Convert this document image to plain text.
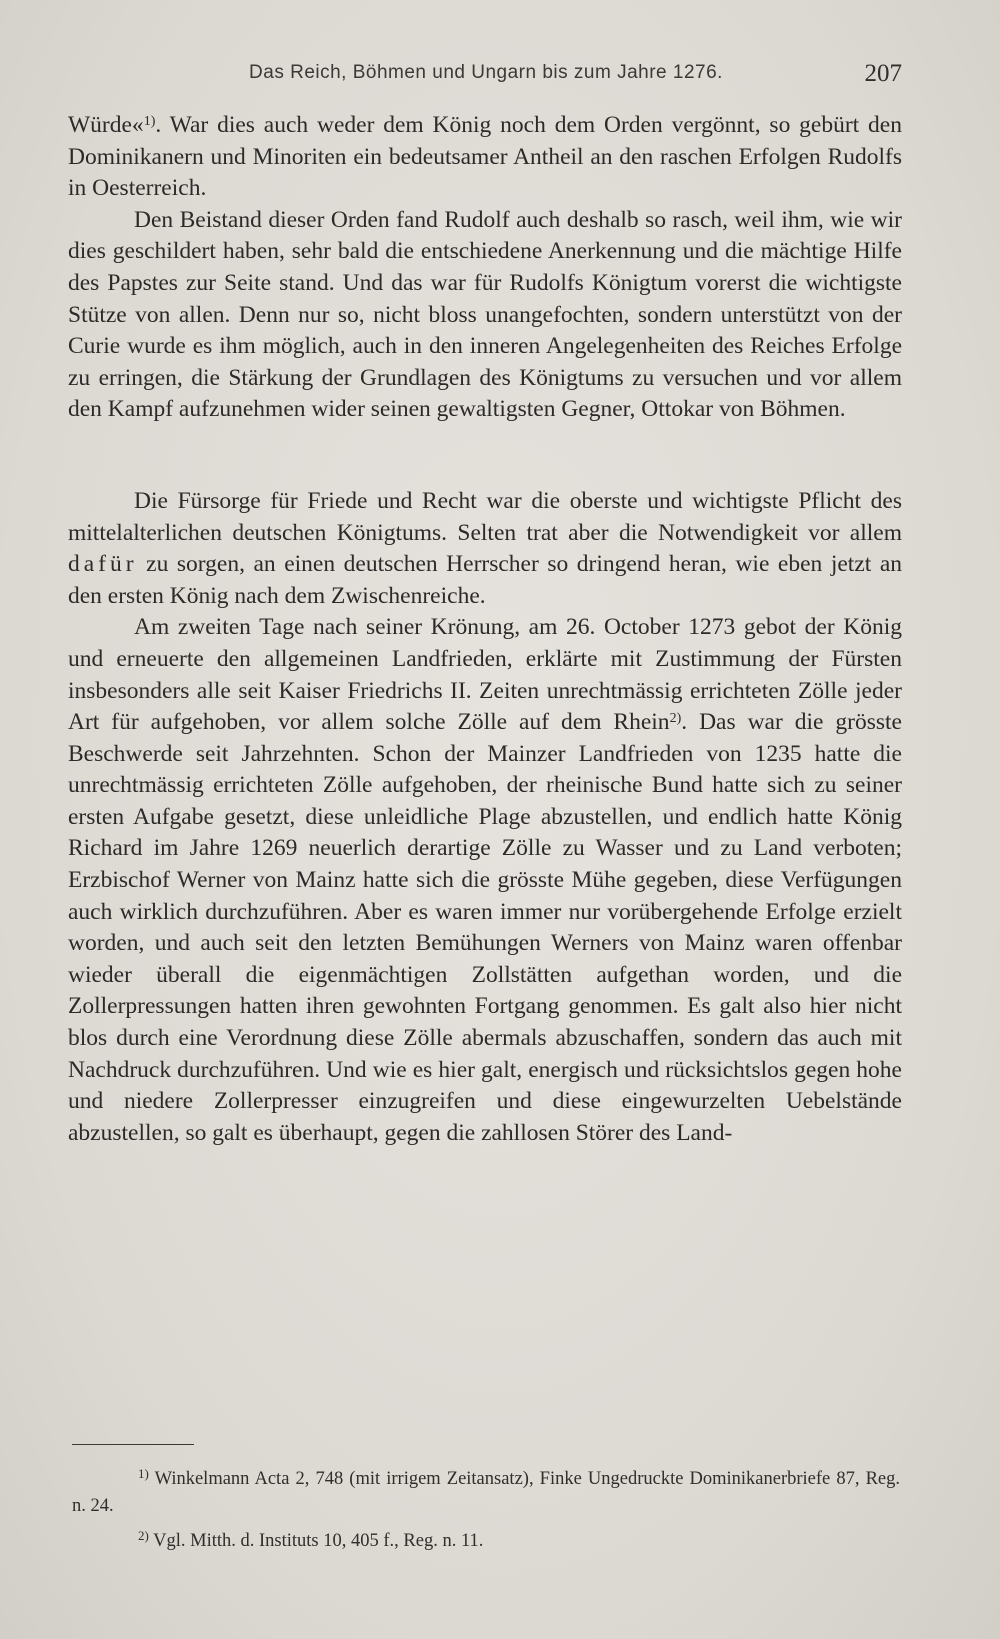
Das Reich, Böhmen und Ungarn bis zum Jahre 1276.	207

Würde«$^{1)}$. War dies auch weder dem König noch dem Orden vergönnt, so gebürt den Dominikanern und Minoriten ein bedeutsamer Antheil an den raschen Erfolgen Rudolfs in Oesterreich.

Den Beistand dieser Orden fand Rudolf auch deshalb so rasch, weil ihm, wie wir dies geschildert haben, sehr bald die entschiedene Anerkennung und die mächtige Hilfe des Papstes zur Seite stand. Und das war für Rudolfs Königtum vorerst die wichtigste Stütze von allen. Denn nur so, nicht bloss unangefochten, sondern unterstützt von der Curie wurde es ihm möglich, auch in den inneren Angelegenheiten des Reiches Erfolge zu erringen, die Stärkung der Grundlagen des Königtums zu versuchen und vor allem den Kampf aufzunehmen wider seinen gewaltigsten Gegner, Ottokar von Böhmen.

Die Fürsorge für Friede und Recht war die oberste und wichtigste Pflicht des mittelalterlichen deutschen Königtums. Selten trat aber die Notwendigkeit vor allem dafür zu sorgen, an einen deutschen Herrscher so dringend heran, wie eben jetzt an den ersten König nach dem Zwischenreiche.

Am zweiten Tage nach seiner Krönung, am 26. October 1273 gebot der König und erneuerte den allgemeinen Landfrieden, erklärte mit Zustimmung der Fürsten insbesonders alle seit Kaiser Friedrichs II. Zeiten unrechtmässig errichteten Zölle jeder Art für aufgehoben, vor allem solche Zölle auf dem Rhein$^{2)}$. Das war die grösste Beschwerde seit Jahrzehnten. Schon der Mainzer Landfrieden von 1235 hatte die unrechtmässig errichteten Zölle aufgehoben, der rheinische Bund hatte sich zu seiner ersten Aufgabe gesetzt, diese unleidliche Plage abzustellen, und endlich hatte König Richard im Jahre 1269 neuerlich derartige Zölle zu Wasser und zu Land verboten; Erzbischof Werner von Mainz hatte sich die grösste Mühe gegeben, diese Verfügungen auch wirklich durchzuführen. Aber es waren immer nur vorübergehende Erfolge erzielt worden, und auch seit den letzten Bemühungen Werners von Mainz waren offenbar wieder überall die eigenmächtigen Zollstätten aufgethan worden, und die Zollerpressungen hatten ihren gewohnten Fortgang genommen. Es galt also hier nicht blos durch eine Verordnung diese Zölle abermals abzuschaffen, sondern das auch mit Nachdruck durchzuführen. Und wie es hier galt, energisch und rücksichtslos gegen hohe und niedere Zollerpresser einzugreifen und diese eingewurzelten Uebelstände abzustellen, so galt es überhaupt, gegen die zahllosen Störer des Land-

$^{1)}$ Winkelmann Acta 2, 748 (mit irrigem Zeitansatz), Finke Ungedruckte Dominikanerbriefe 87, Reg. n. 24.

$^{2)}$ Vgl. Mitth. d. Instituts 10, 405 f., Reg. n. 11.
